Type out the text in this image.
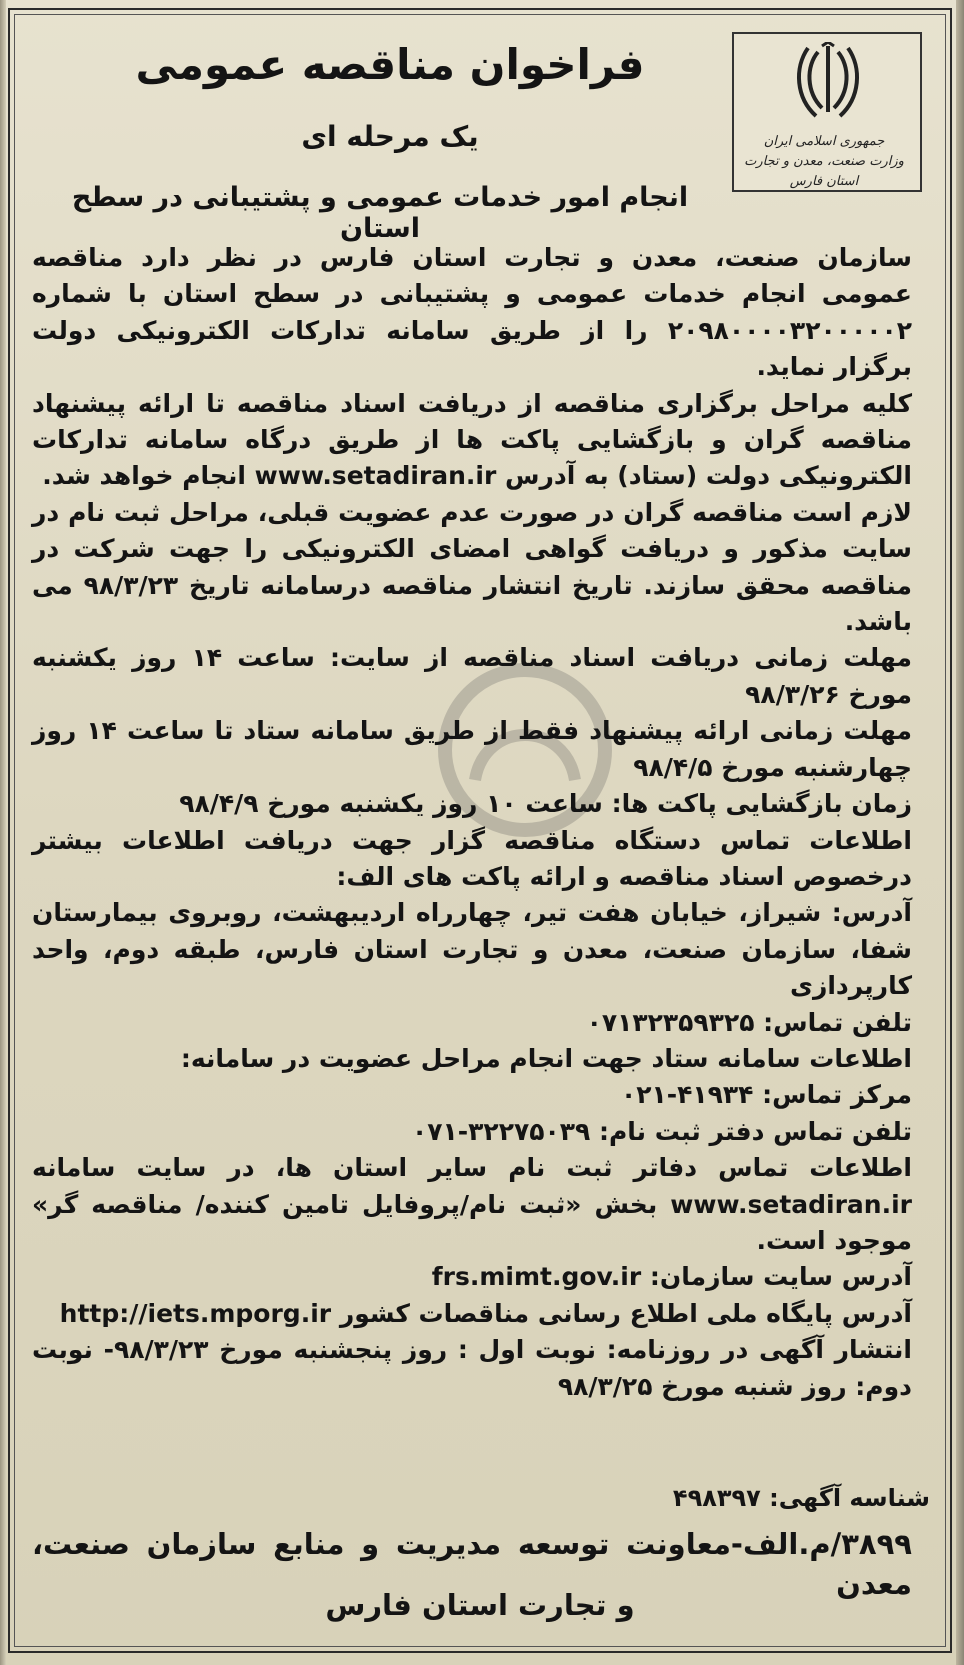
جمهوری اسلامی ایران
وزارت صنعت، معدن و تجارت
استان فارس
فراخوان مناقصه عمومی
یک مرحله ای
انجام امور خدمات عمومی و پشتیبانی در سطح استان

سازمان صنعت، معدن و تجارت استان فارس در نظر دارد مناقصه عمومی انجام خدمات عمومی و پشتیبانی در سطح استان با شماره ۲۰۹۸۰۰۰۰۳۲۰۰۰۰۰۲ را از طریق سامانه تدارکات الکترونیکی دولت برگزار نماید.

کلیه مراحل برگزاری مناقصه از دریافت اسناد مناقصه تا ارائه پیشنهاد مناقصه گران و بازگشایی پاکت ها از طریق درگاه سامانه تدارکات الکترونیکی دولت (ستاد) به آدرس www.setadiran.ir انجام خواهد شد.

لازم است مناقصه گران در صورت عدم عضویت قبلی، مراحل ثبت نام در سایت مذکور و دریافت گواهی امضای الکترونیکی را جهت شرکت در مناقصه محقق سازند. تاریخ انتشار مناقصه درسامانه تاریخ ۹۸/۳/۲۳ می باشد.

مهلت زمانی دریافت اسناد مناقصه از سایت: ساعت ۱۴ روز یکشنبه مورخ ۹۸/۳/۲۶

مهلت زمانی ارائه پیشنهاد فقط از طریق سامانه ستاد تا ساعت ۱۴ روز چهارشنبه مورخ ۹۸/۴/۵

زمان بازگشایی پاکت ها: ساعت ۱۰ روز یکشنبه مورخ ۹۸/۴/۹

اطلاعات تماس دستگاه مناقصه گزار جهت دریافت اطلاعات بیشتر درخصوص اسناد مناقصه و ارائه پاکت های الف:

آدرس: شیراز، خیابان هفت تیر، چهارراه اردیبهشت، روبروی بیمارستان شفا، سازمان صنعت، معدن و تجارت استان فارس، طبقه دوم، واحد کارپردازی

تلفن تماس: ۰۷۱۳۲۳۵۹۳۲۵

اطلاعات سامانه ستاد جهت انجام مراحل عضویت در سامانه:

مرکز تماس: ۴۱۹۳۴-۰۲۱

تلفن تماس دفتر ثبت نام: ۳۲۲۷۵۰۳۹-۰۷۱

اطلاعات تماس دفاتر ثبت نام سایر استان ها، در سایت سامانه www.setadiran.ir بخش «ثبت نام/پروفایل تامین کننده/ مناقصه گر» موجود است.

آدرس سایت سازمان: frs.mimt.gov.ir

آدرس پایگاه ملی اطلاع رسانی مناقصات کشور http://iets.mporg.ir

انتشار آگهی در روزنامه: نوبت اول : روز پنجشنبه مورخ ۹۸/۳/۲۳- نوبت دوم: روز شنبه مورخ ۹۸/۳/۲۵

شناسه آگهی: ۴۹۸۳۹۷
۳۸۹۹/م.الف-معاونت توسعه مدیریت و منابع سازمان صنعت، معدن
و تجارت استان فارس
